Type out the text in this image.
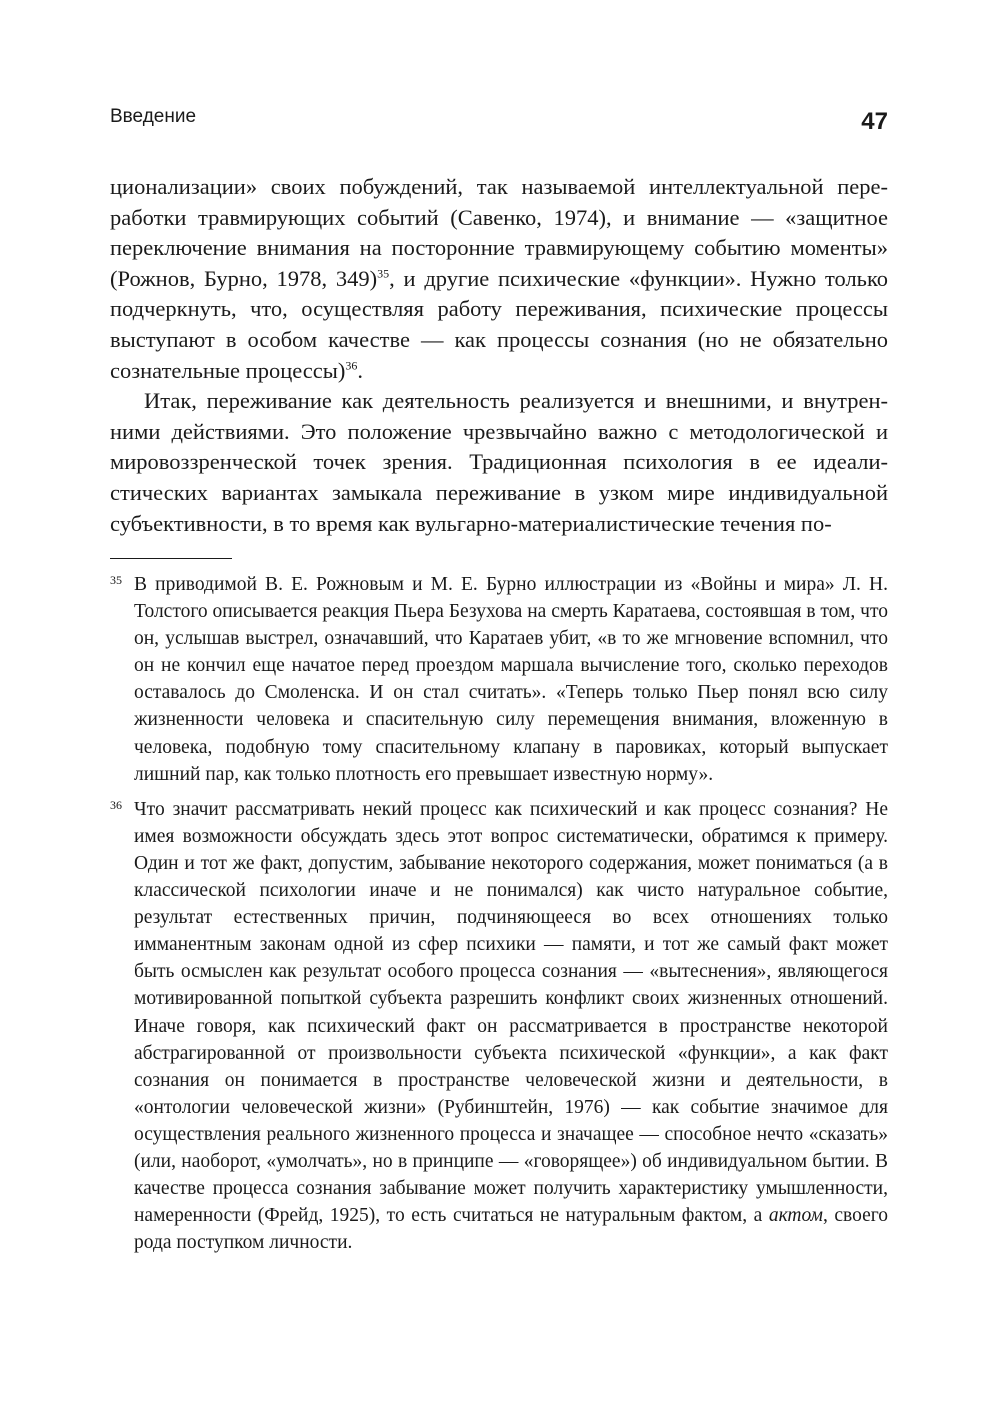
Введение	47

ционализации» своих побуждений, так называемой интеллектуальной переработки травмирующих событий (Савенко, 1974), и внимание — «защитное переключение внимания на посторонние травмирующему событию моменты» (Рожнов, Бурно, 1978, 349)$^{35}$, и другие психические «функции». Нужно только подчеркнуть, что, осуществляя работу переживания, психические процессы выступают в особом качестве — как процессы сознания (но не обязательно сознательные процессы)$^{36}$.

Итак, переживание как деятельность реализуется и внешними, и внутренними действиями. Это положение чрезвычайно важно с методологической и мировоззренческой точек зрения. Традиционная психология в ее идеалистических вариантах замыкала переживание в узком мире индивидуальной субъективности, в то время как вульгарно-материалистические течения по-

35 В приводимой В. Е. Рожновым и М. Е. Бурно иллюстрации из «Войны и мира» Л. Н. Толстого описывается реакция Пьера Безухова на смерть Каратаева, состоявшая в том, что он, услышав выстрел, означавший, что Каратаев убит, «в то же мгновение вспомнил, что он не кончил еще начатое перед проездом маршала вычисление того, сколько переходов оставалось до Смоленска. И он стал считать». «Теперь только Пьер понял всю силу жизненности человека и спасительную силу перемещения внимания, вложенную в человека, подобную тому спасительному клапану в паровиках, который выпускает лишний пар, как только плотность его превышает известную норму».

36 Что значит рассматривать некий процесс как психический и как процесс сознания? Не имея возможности обсуждать здесь этот вопрос систематически, обратимся к примеру. Один и тот же факт, допустим, забывание некоторого содержания, может пониматься (а в классической психологии иначе и не понимался) как чисто натуральное событие, результат естественных причин, подчиняющееся во всех отношениях только имманентным законам одной из сфер психики — памяти, и тот же самый факт может быть осмыслен как результат особого процесса сознания — «вытеснения», являющегося мотивированной попыткой субъекта разрешить конфликт своих жизненных отношений. Иначе говоря, как психический факт он рассматривается в пространстве некоторой абстрагированной от произвольности субъекта психической «функции», а как факт сознания он понимается в пространстве человеческой жизни и деятельности, в «онтологии человеческой жизни» (Рубинштейн, 1976) — как событие значимое для осуществления реального жизненного процесса и значащее — способное нечто «сказать» (или, наоборот, «умолчать», но в принципе — «говорящее») об индивидуальном бытии. В качестве процесса сознания забывание может получить характеристику умышленности, намеренности (Фрейд, 1925), то есть считаться не натуральным фактом, а актом, своего рода поступком личности.
